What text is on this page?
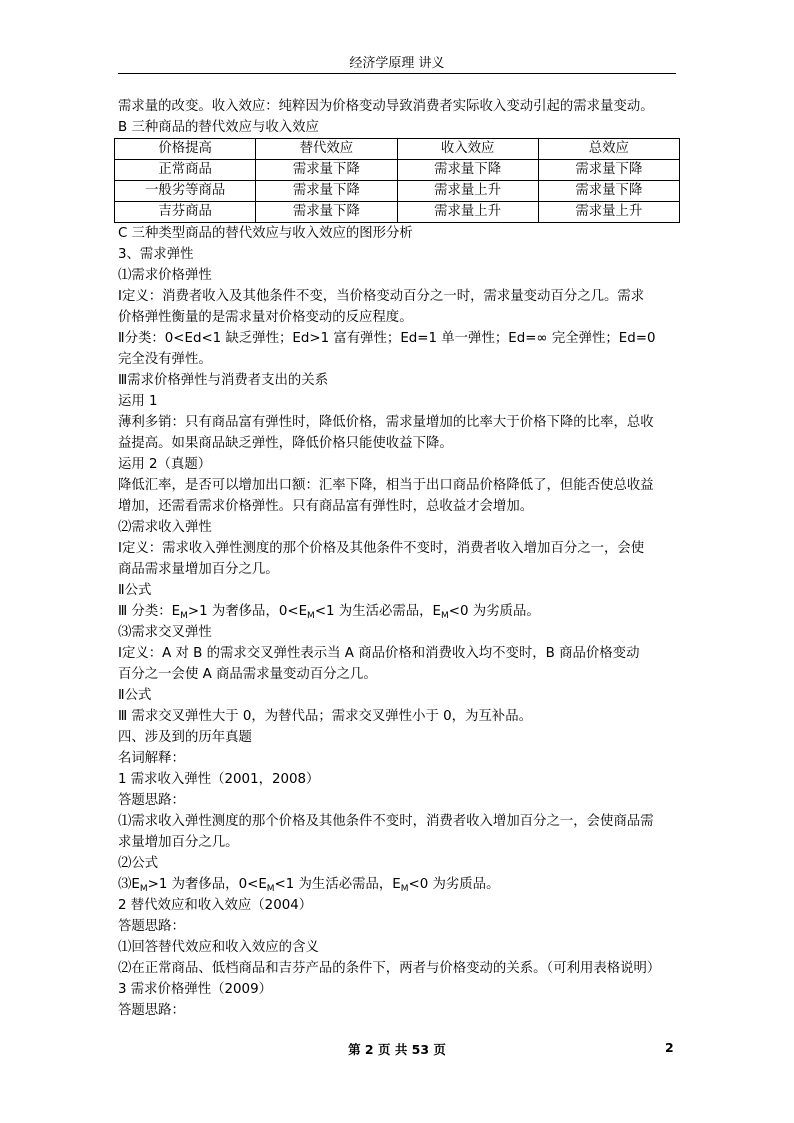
经济学原理 讲义

需求量的改变。收入效应：纯粹因为价格变动导致消费者实际收入变动引起的需求量变动。

B 三种商品的替代效应与收入效应

价格提高	替代效应	收入效应	总效应
正常商品	需求量下降	需求量下降	需求量下降
一般劣等商品	需求量下降	需求量上升	需求量下降
吉芬商品	需求量下降	需求量上升	需求量上升

C 三种类型商品的替代效应与收入效应的图形分析

3、需求弹性

⑴需求价格弹性

Ⅰ定义：消费者收入及其他条件不变，当价格变动百分之一时，需求量变动百分之几。需求

价格弹性衡量的是需求量对价格变动的反应程度。

Ⅱ分类：0<Ed<1 缺乏弹性；Ed>1 富有弹性；Ed=1 单一弹性；Ed=∞ 完全弹性；Ed=0

完全没有弹性。

Ⅲ需求价格弹性与消费者支出的关系

运用 1

薄利多销：只有商品富有弹性时，降低价格，需求量增加的比率大于价格下降的比率，总收

益提高。如果商品缺乏弹性，降低价格只能使收益下降。

运用 2（真题）

降低汇率，是否可以增加出口额：汇率下降，相当于出口商品价格降低了，但能否使总收益

增加，还需看需求价格弹性。只有商品富有弹性时，总收益才会增加。

⑵需求收入弹性

Ⅰ定义：需求收入弹性测度的那个价格及其他条件不变时，消费者收入增加百分之一，会使

商品需求量增加百分之几。

Ⅱ公式

Ⅲ 分类：$E_M>1$ 为奢侈品，$0<E_M<1$ 为生活必需品，$E_M<0$ 为劣质品。

⑶需求交叉弹性

Ⅰ定义：A 对 B 的需求交叉弹性表示当 A 商品价格和消费收入均不变时，B 商品价格变动

百分之一会使 A 商品需求量变动百分之几。

Ⅱ公式

Ⅲ 需求交叉弹性大于 0，为替代品；需求交叉弹性小于 0，为互补品。

四、涉及到的历年真题

名词解释：

1 需求收入弹性（2001，2008）

答题思路：

⑴需求收入弹性测度的那个价格及其他条件不变时，消费者收入增加百分之一，会使商品需

求量增加百分之几。

⑵公式

$⑶E_M>1$ 为奢侈品，$0<E_M<1$ 为生活必需品，$E_M<0$ 为劣质品。

2 替代效应和收入效应（2004）

答题思路：

⑴回答替代效应和收入效应的含义

⑵在正常商品、低档商品和吉芬产品的条件下，两者与价格变动的关系。（可利用表格说明）

3 需求价格弹性（2009）

答题思路：

第 2 页 共 53 页	2
